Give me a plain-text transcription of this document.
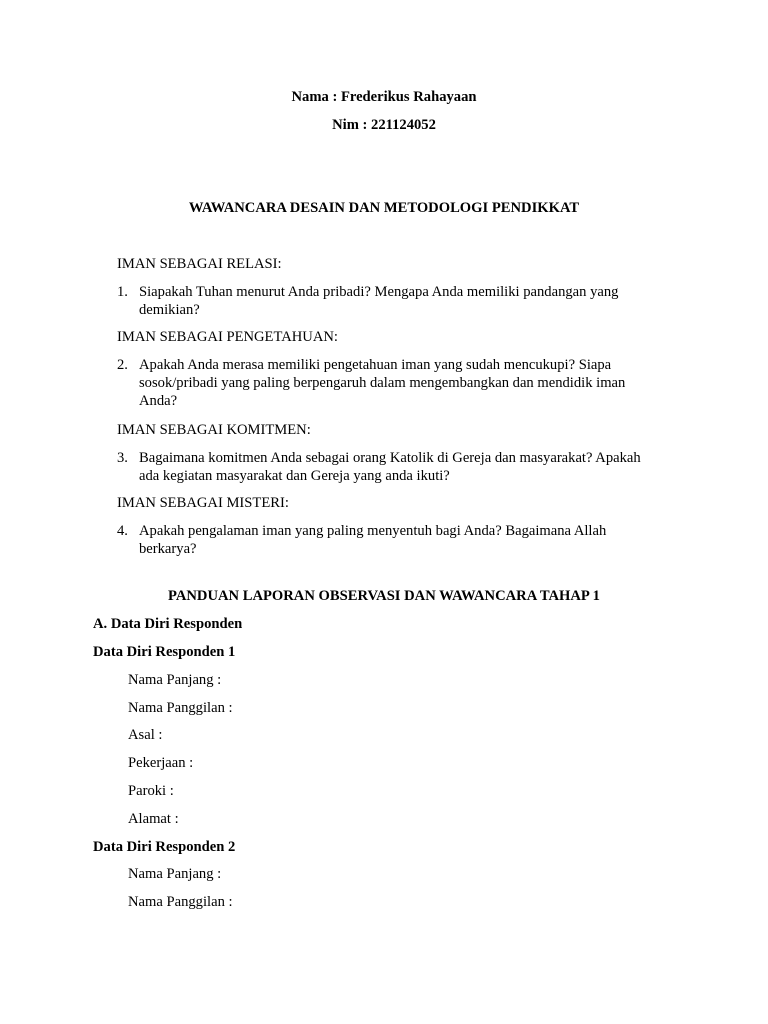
Nama : Frederikus Rahayaan
Nim : 221124052
WAWANCARA DESAIN DAN METODOLOGI PENDIKKAT
IMAN SEBAGAI RELASI:
1. Siapakah Tuhan menurut Anda pribadi? Mengapa Anda memiliki pandangan yang
demikian?
IMAN SEBAGAI PENGETAHUAN:
2. Apakah Anda merasa memiliki pengetahuan iman yang sudah mencukupi? Siapa
sosok/pribadi yang paling berpengaruh dalam mengembangkan dan mendidik iman
Anda?
IMAN SEBAGAI KOMITMEN:
3. Bagaimana komitmen Anda sebagai orang Katolik di Gereja dan masyarakat? Apakah
ada kegiatan masyarakat dan Gereja yang anda ikuti?
IMAN SEBAGAI MISTERI:
4. Apakah pengalaman iman yang paling menyentuh bagi Anda? Bagaimana Allah
berkarya?
PANDUAN LAPORAN OBSERVASI DAN WAWANCARA TAHAP 1
A. Data Diri Responden
Data Diri Responden 1
Nama Panjang :
Nama Panggilan :
Asal :
Pekerjaan :
Paroki :
Alamat :
Data Diri Responden 2
Nama Panjang :
Nama Panggilan :
